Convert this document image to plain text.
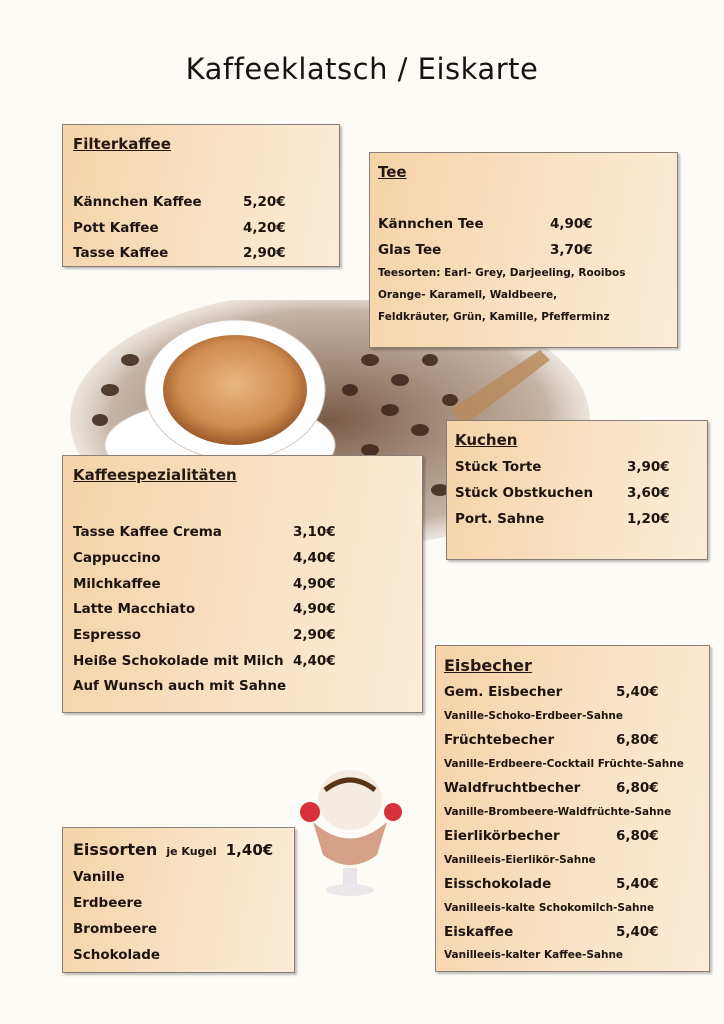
Kaffeeklatsch / Eiskarte
Filterkaffee
Kännchen Kaffee	5,20€
Pott Kaffee	4,20€
Tasse Kaffee	2,90€
Tee
Kännchen Tee	4,90€
Glas Tee	3,70€
Teesorten: Earl- Grey, Darjeeling, Rooibos
Orange- Karamell, Waldbeere,
Feldkräuter, Grün, Kamille, Pfefferminz
Kuchen
Stück Torte	3,90€
Stück Obstkuchen	3,60€
Port. Sahne	1,20€
Kaffeespezialitäten
Tasse Kaffee Crema	3,10€
Cappuccino	4,40€
Milchkaffee	4,90€
Latte Macchiato	4,90€
Espresso	2,90€
Heiße Schokolade mit Milch 4,40€
Auf Wunsch auch mit Sahne
Eissorten je Kugel 1,40€
Vanille
Erdbeere
Brombeere
Schokolade
Eisbecher
Gem. Eisbecher	5,40€
Vanille-Schoko-Erdbeer-Sahne
Früchtebecher	6,80€
Vanille-Erdbeere-Cocktail Früchte-Sahne
Waldfruchtbecher	6,80€
Vanille-Brombeere-Waldfrüchte-Sahne
Eierlikörbecher	6,80€
Vanilleeis-Eierlikör-Sahne
Eisschokolade	5,40€
Vanilleeis-kalte Schokomilch-Sahne
Eiskaffee	5,40€
Vanilleeis-kalter Kaffee-Sahne
